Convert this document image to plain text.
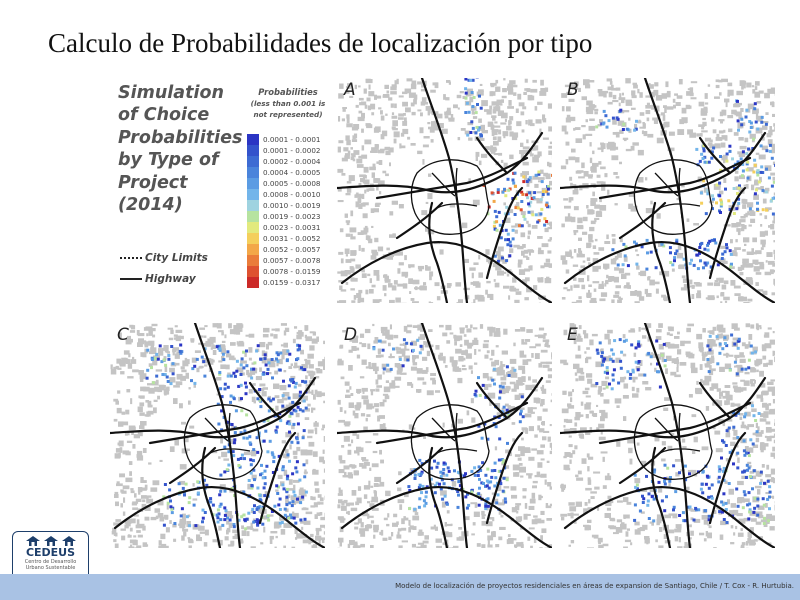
Calculo de Probabilidades de localización por tipo
Simulation
of Choice
Probabilities
by Type of
Project
(2014)
Probabilities
(less than 0.001 is not represented)
0.0001 - 0.0001
0.0001 - 0.0002
0.0002 - 0.0004
0.0004 - 0.0005
0.0005 - 0.0008
0.0008 - 0.0010
0.0010 - 0.0019
0.0019 - 0.0023
0.0023 - 0.0031
0.0031 - 0.0052
0.0052 - 0.0057
0.0057 - 0.0078
0.0078 - 0.0159
0.0159 - 0.0317
City Limits
Highway
A	B
C	D	E
CEDEUS
Centro de Desarrollo
Urbano Sustentable
Modelo de localización de proyectos residenciales en áreas de expansion de Santiago, Chile / T. Cox - R. Hurtubia.
